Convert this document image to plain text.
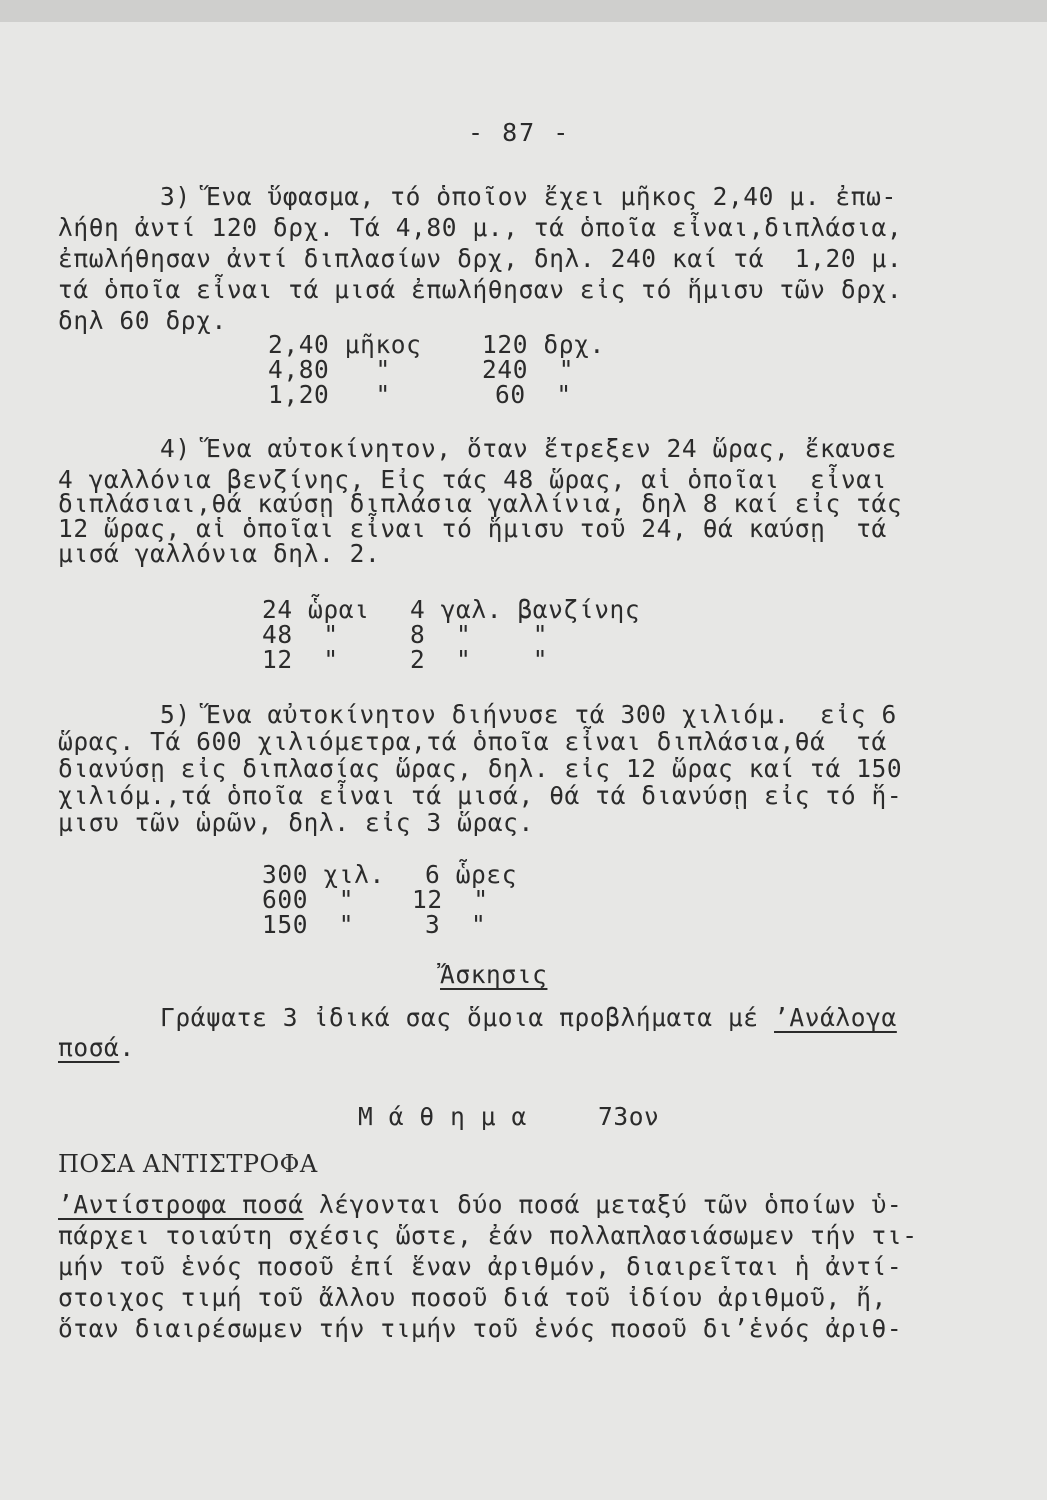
- 87 -
3) Ἕνα ὕφασμα, τό ὁποῖον ἔχει μῆκος 2,40 μ. ἐπω-
λήθη ἀντί 120 δρχ. Τά 4,80 μ., τά ὁποῖα εἶναι,διπλάσια,
ἐπωλήθησαν ἀντί διπλασίων δρχ, δηλ. 240 καί τά  1,20 μ.
τά ὁποῖα εἶναι τά μισά ἐπωλήθησαν εἰς τό ἥμισυ τῶν δρχ.
δηλ 60 δρχ.
2,40 μῆκος 120 δρχ.
4,80   "	240  "
1,20   "	60  "
4) Ἕνα αὐτοκίνητον, ὅταν ἔτρεξεν 24 ὥρας, ἔκαυσε
4 γαλλόνια βενζίνης, Εἰς τάς 48 ὥρας, αἱ ὁποῖαι  εἶναι
διπλάσιαι,θά καύσῃ διπλάσια γαλλίνια, δηλ 8 καί εἰς τάς
12 ὥρας, αἱ ὁποῖαι εἶναι τό ἥμισυ τοῦ 24, θά καύσῃ  τά
μισά γαλλόνια δηλ. 2.
24 ὧραι 4 γαλ. βανζίνης
48  "	8  "    "
12  "	2  "    "
5) Ἕνα αὐτοκίνητον διήνυσε τά 300 χιλιόμ.  εἰς 6
ὥρας. Τά 600 χιλιόμετρα,τά ὁποῖα εἶναι διπλάσια,θά  τά
διανύσῃ εἰς διπλασίας ὥρας, δηλ. εἰς 12 ὥρας καί τά 150
χιλιόμ.,τά ὁποῖα εἶναι τά μισά, θά τά διανύσῃ εἰς τό ἥ-
μισυ τῶν ὡρῶν, δηλ. εἰς 3 ὥρας.
300 χιλ. 6 ὧρες
600  " 12  "
150  "	3  "
Ἄσκησις
Γράψατε 3 ἰδικά σας ὅμοια προβλήματα μέ ’Ανάλογα
ποσά.
Μ ά θ η μ α	73ον
ΠΟΣΑ ΑΝΤΙΣΤΡΟΦΑ
’Αντίστροφα ποσά λέγονται δύο ποσά μεταξύ τῶν ὁποίων ὑ-
πάρχει τοιαύτη σχέσις ὥστε, ἐάν πολλαπλασιάσωμεν τήν τι-
μήν τοῦ ἑνός ποσοῦ ἐπί ἕναν ἀριθμόν, διαιρεῖται ἡ ἀντί-
στοιχος τιμή τοῦ ἄλλου ποσοῦ διά τοῦ ἰδίου ἀριθμοῦ, ἤ,
ὅταν διαιρέσωμεν τήν τιμήν τοῦ ἑνός ποσοῦ δι’ἑνός ἀριθ-
